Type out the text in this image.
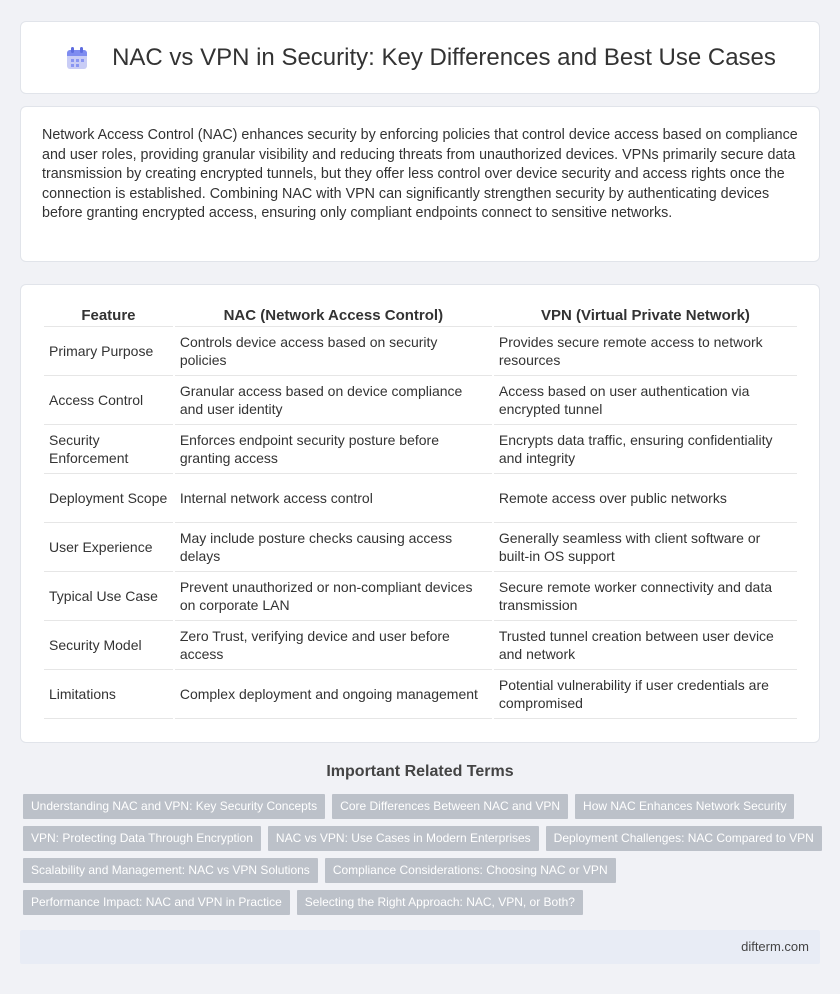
NAC vs VPN in Security: Key Differences and Best Use Cases

Network Access Control (NAC) enhances security by enforcing policies that control device access based on compliance and user roles, providing granular visibility and reducing threats from unauthorized devices. VPNs primarily secure data transmission by creating encrypted tunnels, but they offer less control over device security and access rights once the connection is established. Combining NAC with VPN can significantly strengthen security by authenticating devices before granting encrypted access, ensuring only compliant endpoints connect to sensitive networks.

Feature	NAC (Network Access Control)	VPN (Virtual Private Network)
Primary Purpose	Controls device access based on security policies	Provides secure remote access to network resources
Access Control	Granular access based on device compliance and user identity	Access based on user authentication via encrypted tunnel
Security Enforcement	Enforces endpoint security posture before granting access	Encrypts data traffic, ensuring confidentiality and integrity
Deployment Scope	Internal network access control	Remote access over public networks
User Experience	May include posture checks causing access delays	Generally seamless with client software or built-in OS support
Typical Use Case	Prevent unauthorized or non-compliant devices on corporate LAN	Secure remote worker connectivity and data transmission
Security Model	Zero Trust, verifying device and user before access	Trusted tunnel creation between user device and network
Limitations	Complex deployment and ongoing management	Potential vulnerability if user credentials are compromised
Important Related Terms
Understanding NAC and VPN: Key Security Concepts	Core Differences Between NAC and VPN	How NAC Enhances Network Security
VPN: Protecting Data Through Encryption	NAC vs VPN: Use Cases in Modern Enterprises	Deployment Challenges: NAC Compared to VPN
Scalability and Management: NAC vs VPN Solutions	Compliance Considerations: Choosing NAC or VPN
Performance Impact: NAC and VPN in Practice	Selecting the Right Approach: NAC, VPN, or Both?
difterm.com
